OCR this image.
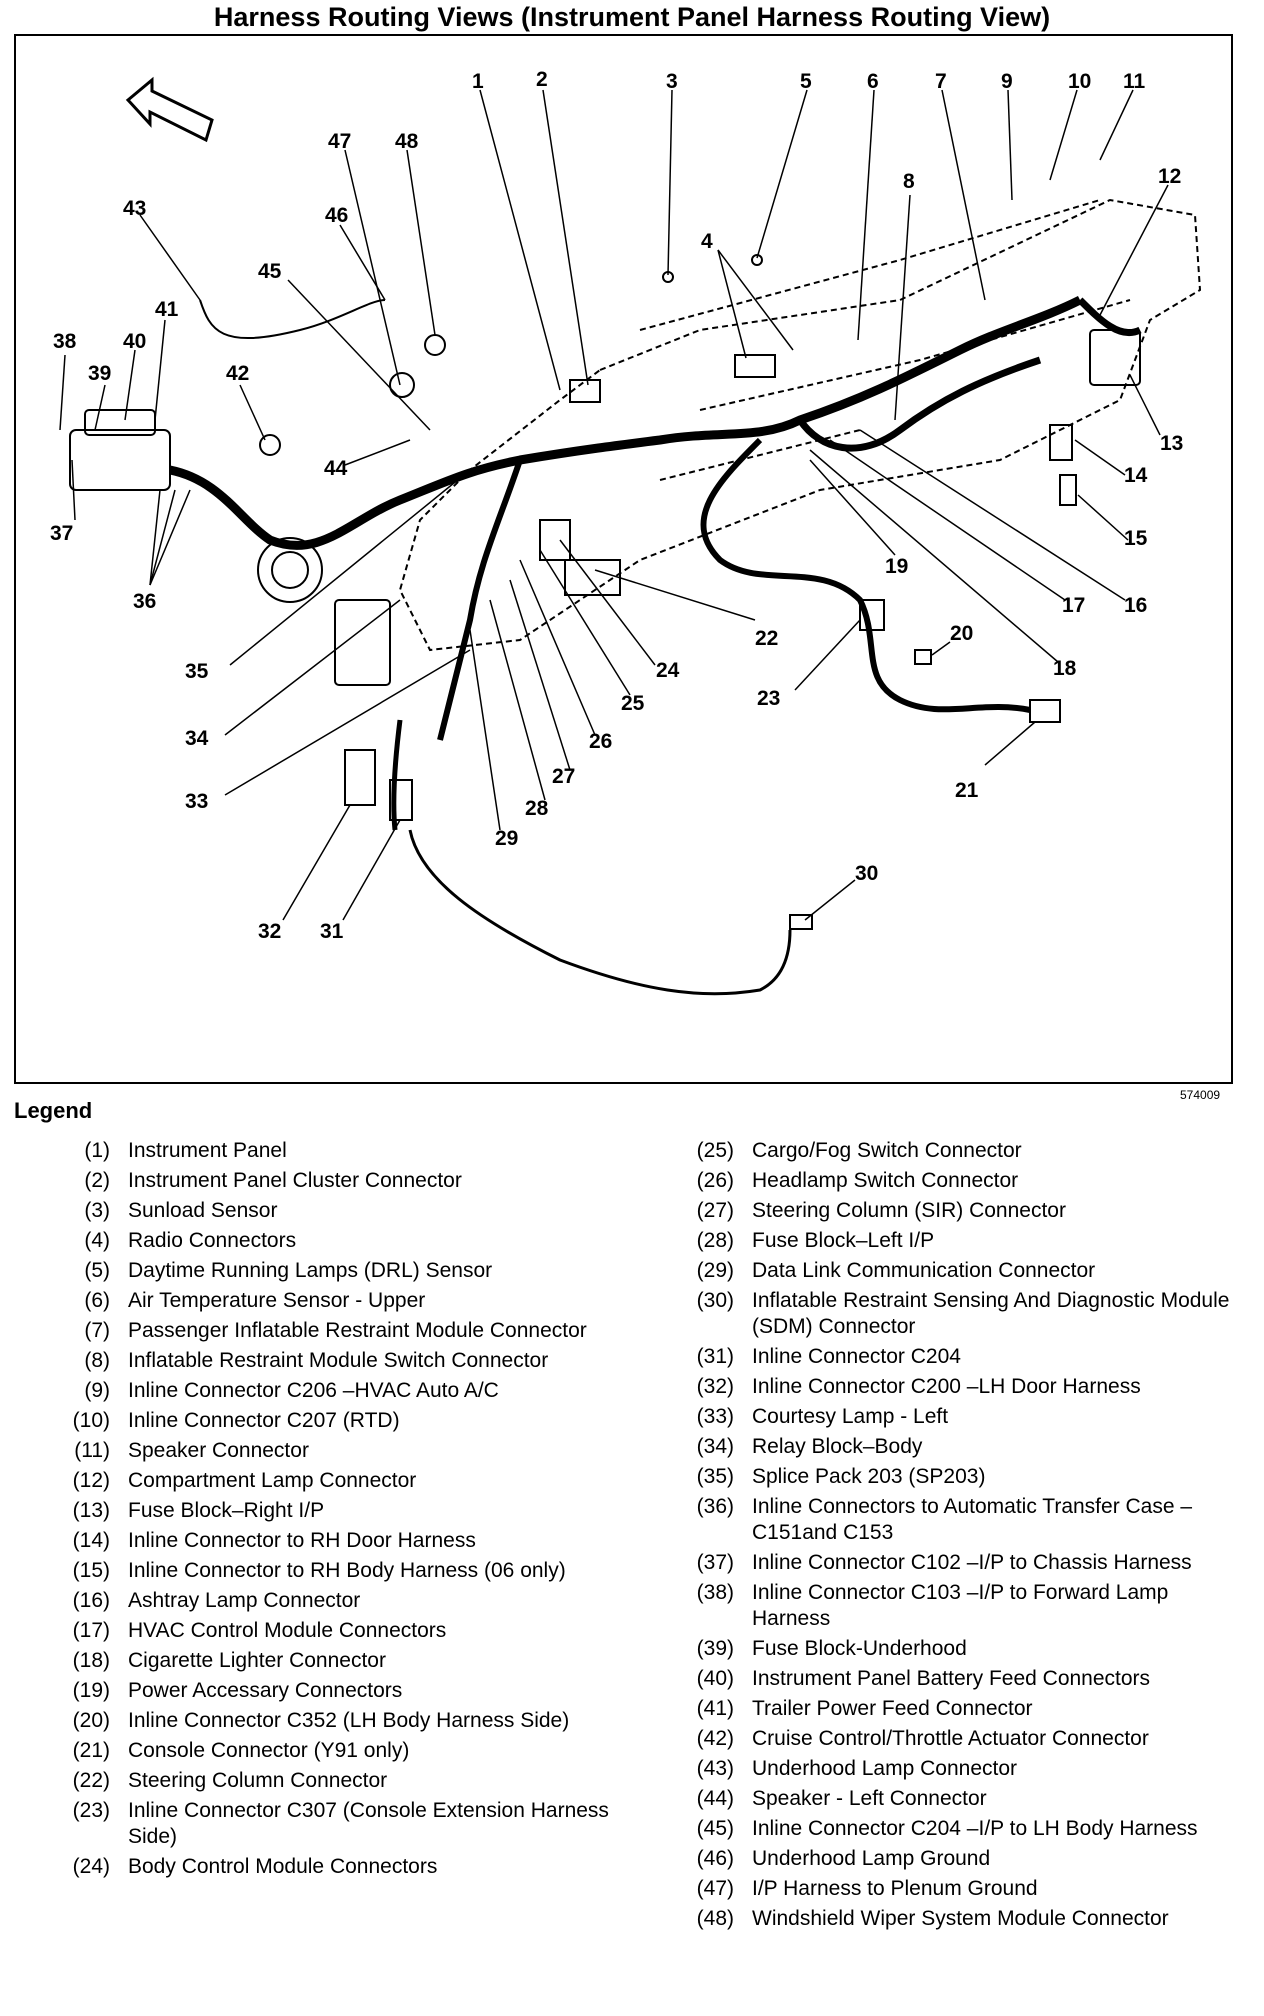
Harness Routing Views (Instrument Panel Harness Routing View)
1 2	3
4
5	6	7
8
9	10 11
12
13
14
15
16
17
18
19
20
21
22
23
24
25
26
27
28
29
30
31
32
33
34
35
36
37
38
39
40
41
42
43
44
45
46
47 48
574009
Legend
(1) Instrument Panel
(2) Instrument Panel Cluster Connector
(3) Sunload Sensor
(4) Radio Connectors
(5) Daytime Running Lamps (DRL) Sensor
(6) Air Temperature Sensor - Upper
(7) Passenger Inflatable Restraint Module Connector
(8) Inflatable Restraint Module Switch Connector
(9) Inline Connector C206 –HVAC Auto A/C
(10) Inline Connector C207 (RTD)
(11) Speaker Connector
(12) Compartment Lamp Connector
(13) Fuse Block–Right I/P
(14) Inline Connector to RH Door Harness
(15) Inline Connector to RH Body Harness (06 only)
(16) Ashtray Lamp Connector
(17) HVAC Control Module Connectors
(18) Cigarette Lighter Connector
(19) Power Accessary Connectors
(20) Inline Connector C352 (LH Body Harness Side)
(21) Console Connector (Y91 only)
(22) Steering Column Connector
(23) Inline Connector C307 (Console Extension Harness Side)
(24) Body Control Module Connectors
(25) Cargo/Fog Switch Connector
(26) Headlamp Switch Connector
(27) Steering Column (SIR) Connector
(28) Fuse Block–Left I/P
(29) Data Link Communication Connector
(30) Inflatable Restraint Sensing And Diagnostic Module (SDM) Connector
(31) Inline Connector C204
(32) Inline Connector C200 –LH Door Harness
(33) Courtesy Lamp - Left
(34) Relay Block–Body
(35) Splice Pack 203 (SP203)
(36) Inline Connectors to Automatic Transfer Case –C151and C153
(37) Inline Connector C102 –I/P to Chassis Harness
(38) Inline Connector C103 –I/P to Forward Lamp Harness
(39) Fuse Block-Underhood
(40) Instrument Panel Battery Feed Connectors
(41) Trailer Power Feed Connector
(42) Cruise Control/Throttle Actuator Connector
(43) Underhood Lamp Connector
(44) Speaker - Left Connector
(45) Inline Connector C204 –I/P to LH Body Harness
(46) Underhood Lamp Ground
(47) I/P Harness to Plenum Ground
(48) Windshield Wiper System Module Connector
